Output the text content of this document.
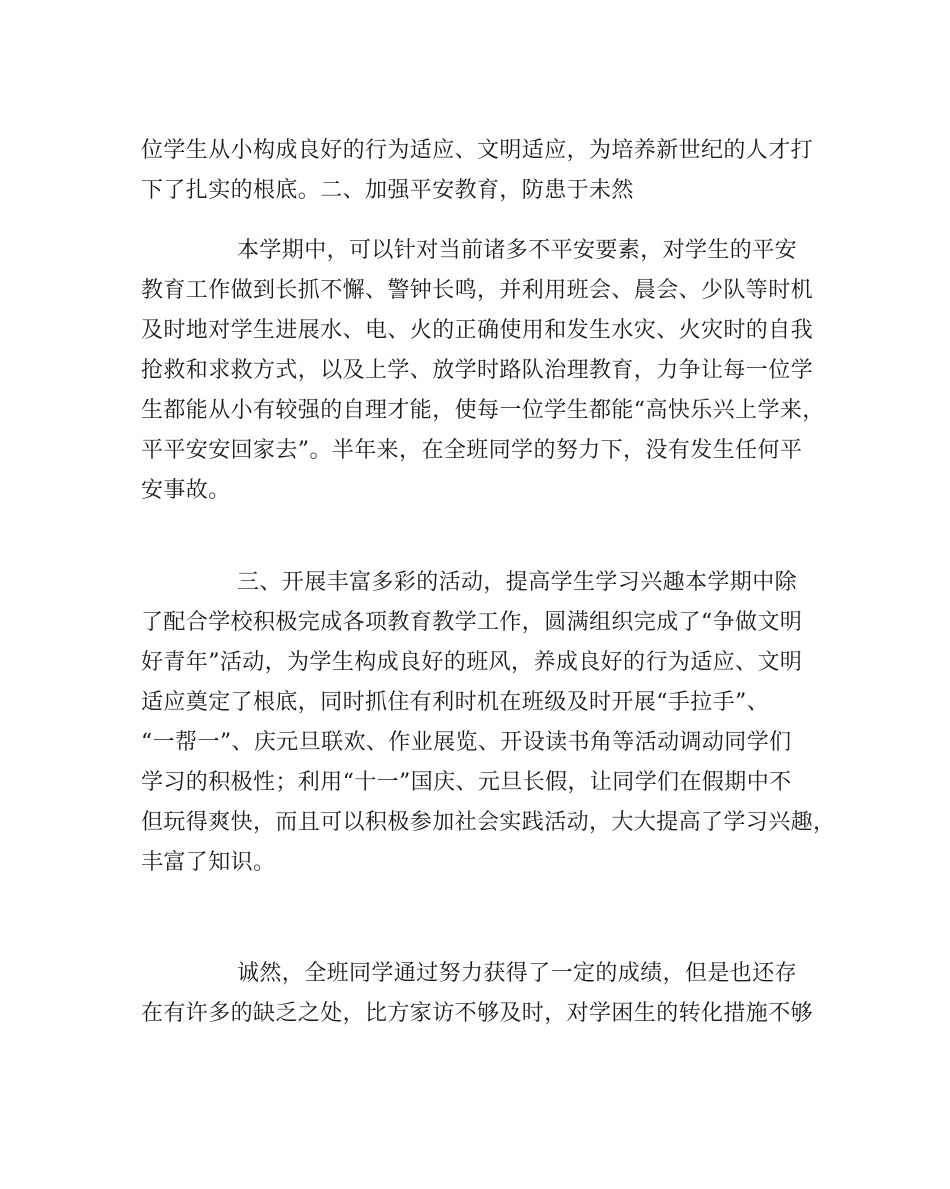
位学生从小构成良好的行为适应、文明适应，为培养新世纪的人才打
下了扎实的根底。二、加强平安教育，防患于未然
本学期中，可以针对当前诸多不平安要素，对学生的平安
教育工作做到长抓不懈、警钟长鸣，并利用班会、晨会、少队等时机
及时地对学生进展水、电、火的正确使用和发生水灾、火灾时的自我
抢救和求救方式，以及上学、放学时路队治理教育，力争让每一位学
生都能从小有较强的自理才能，使每一位学生都能“高快乐兴上学来，
平平安安回家去”。半年来，在全班同学的努力下，没有发生任何平
安事故。
三、开展丰富多彩的活动，提高学生学习兴趣本学期中除
了配合学校积极完成各项教育教学工作，圆满组织完成了“争做文明
好青年”活动，为学生构成良好的班风，养成良好的行为适应、文明
适应奠定了根底，同时抓住有利时机在班级及时开展“手拉手”、
“一帮一”、庆元旦联欢、作业展览、开设读书角等活动调动同学们
学习的积极性；利用“十一”国庆、元旦长假，让同学们在假期中不
但玩得爽快，而且可以积极参加社会实践活动，大大提高了学习兴趣，
丰富了知识。
诚然，全班同学通过努力获得了一定的成绩，但是也还存
在有许多的缺乏之处，比方家访不够及时，对学困生的转化措施不够
